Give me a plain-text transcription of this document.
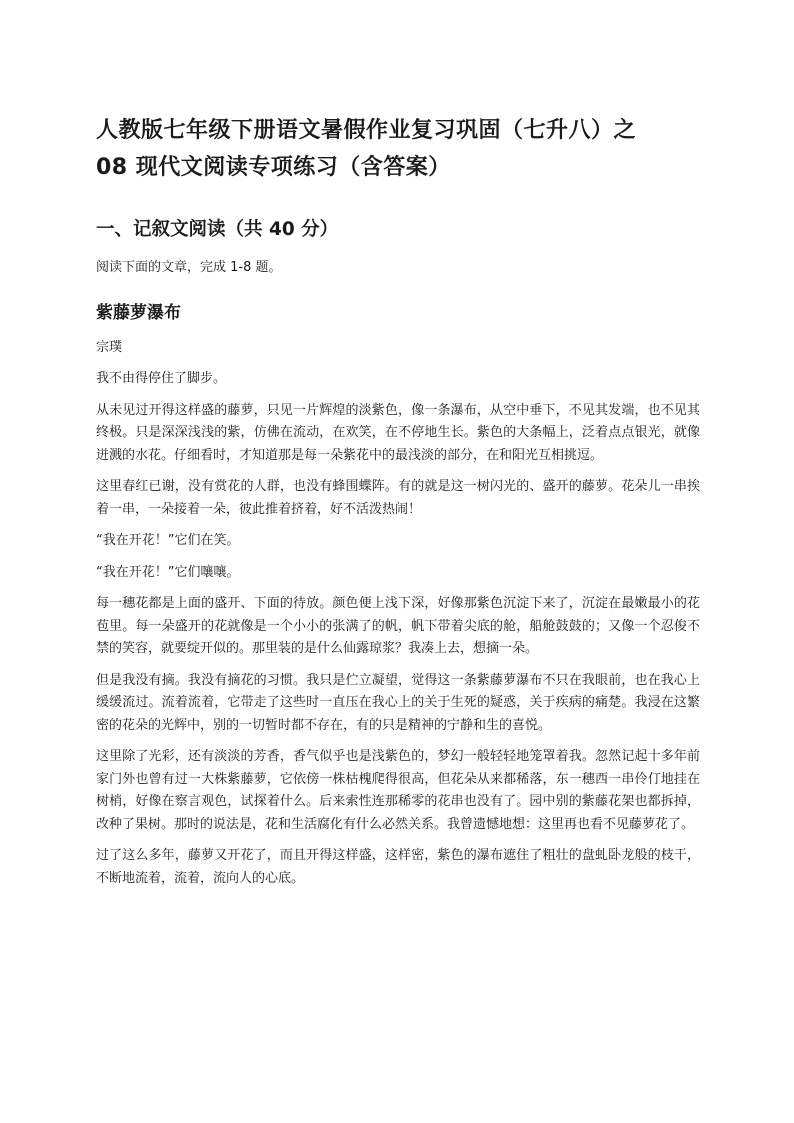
人教版七年级下册语文暑假作业复习巩固（七升八）之
08 现代文阅读专项练习（含答案）
一、记叙文阅读（共 40 分）

阅读下面的文章，完成 1-8 题。

紫藤萝瀑布

宗璞

我不由得停住了脚步。

从未见过开得这样盛的藤萝，只见一片辉煌的淡紫色，像一条瀑布，从空中垂下，不见其发端，也不见其终极。只是深深浅浅的紫，仿佛在流动，在欢笑，在不停地生长。紫色的大条幅上，泛着点点银光，就像迸溅的水花。仔细看时，才知道那是每一朵紫花中的最浅淡的部分，在和阳光互相挑逗。

这里春红已谢，没有赏花的人群，也没有蜂围蝶阵。有的就是这一树闪光的、盛开的藤萝。花朵儿一串挨着一串，一朵接着一朵，彼此推着挤着，好不活泼热闹！

“我在开花！”它们在笑。

“我在开花！”它们嚷嚷。

每一穗花都是上面的盛开、下面的待放。颜色便上浅下深，好像那紫色沉淀下来了，沉淀在最嫩最小的花苞里。每一朵盛开的花就像是一个小小的张满了的帆，帆下带着尖底的舱，船舱鼓鼓的；又像一个忍俊不禁的笑容，就要绽开似的。那里装的是什么仙露琼浆？我凑上去，想摘一朵。

但是我没有摘。我没有摘花的习惯。我只是伫立凝望，觉得这一条紫藤萝瀑布不只在我眼前，也在我心上缓缓流过。流着流着，它带走了这些时一直压在我心上的关于生死的疑惑，关于疾病的痛楚。我浸在这繁密的花朵的光辉中，别的一切暂时都不存在，有的只是精神的宁静和生的喜悦。

这里除了光彩，还有淡淡的芳香，香气似乎也是浅紫色的，梦幻一般轻轻地笼罩着我。忽然记起十多年前家门外也曾有过一大株紫藤萝，它依傍一株枯槐爬得很高，但花朵从来都稀落，东一穗西一串伶仃地挂在树梢，好像在察言观色，试探着什么。后来索性连那稀零的花串也没有了。园中别的紫藤花架也都拆掉，改种了果树。那时的说法是，花和生活腐化有什么必然关系。我曾遗憾地想：这里再也看不见藤萝花了。

过了这么多年，藤萝又开花了，而且开得这样盛，这样密，紫色的瀑布遮住了粗壮的盘虬卧龙般的枝干，不断地流着，流着，流向人的心底。
